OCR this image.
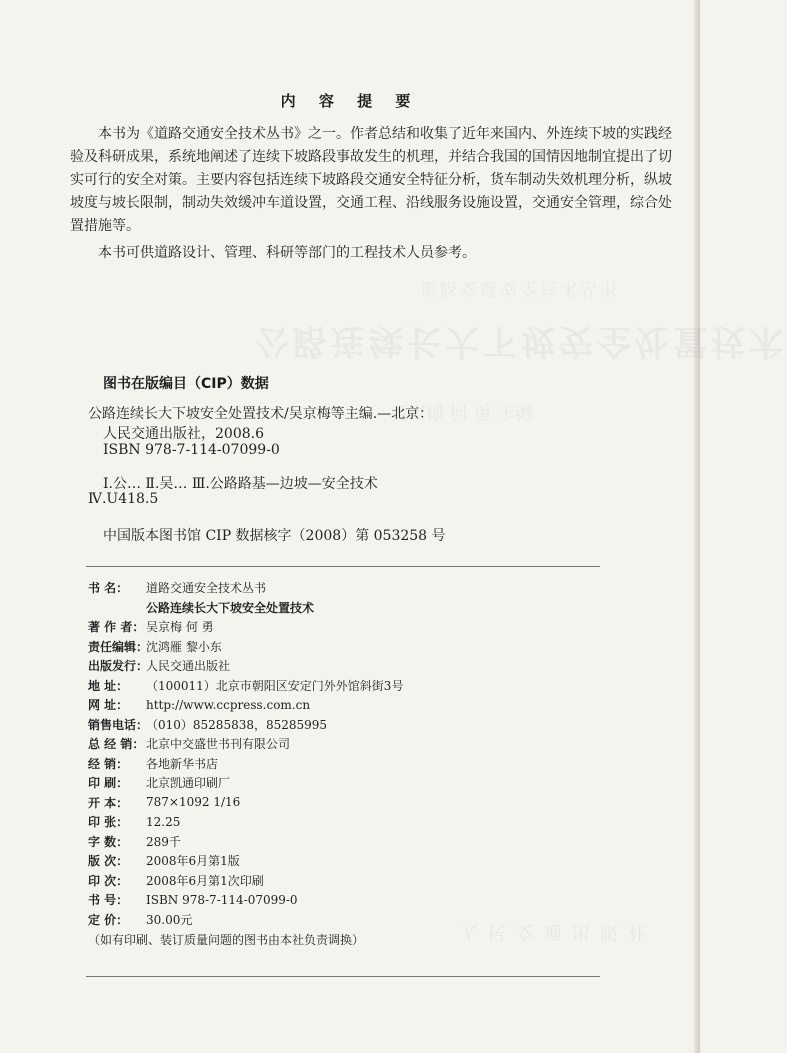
道路交通安全技术丛书
公路连续长大下坡安全处置技术
吴京梅 何 勇 主编
人民交通出版社
内 容 提 要

本书为《道路交通安全技术丛书》之一。作者总结和收集了近年来国内、外连续下坡的实践经验及科研成果，系统地阐述了连续下坡路段事故发生的机理，并结合我国的国情因地制宜提出了切实可行的安全对策。主要内容包括连续下坡路段交通安全特征分析，货车制动失效机理分析，纵坡坡度与坡长限制，制动失效缓冲车道设置，交通工程、沿线服务设施设置，交通安全管理，综合处置措施等。

本书可供道路设计、管理、科研等部门的工程技术人员参考。

图书在版编目（CIP）数据
公路连续长大下坡安全处置技术/吴京梅等主编.—北京：
人民交通出版社，2008.6
ISBN 978-7-114-07099-0
Ⅰ.公… Ⅱ.吴… Ⅲ.公路路基—边坡—安全技术
Ⅳ.U418.5
中国版本图书馆 CIP 数据核字（2008）第 053258 号
书 名：	道路交通安全技术丛书
公路连续长大下坡安全处置技术
著 作 者： 吴京梅 何 勇
责任编辑：
沈鸿雁 黎小东
出版发行：
人民交通出版社
地 址：	（100011）北京市朝阳区安定门外外馆斜街3号
网 址：	http://www.ccpress.com.cn
销售电话：
（010）85285838，85285995
总 经 销： 北京中交盛世书刊有限公司
经 销：	各地新华书店
印 刷：	北京凯通印刷厂
开 本：	787×1092 1/16
印 张：	12.25
字 数：	289千
版 次：	2008年6月第1版
印 次：	2008年6月第1次印刷
书 号：	ISBN 978-7-114-07099-0
定 价：	30.00元
（如有印刷、装订质量问题的图书由本社负责调换）
